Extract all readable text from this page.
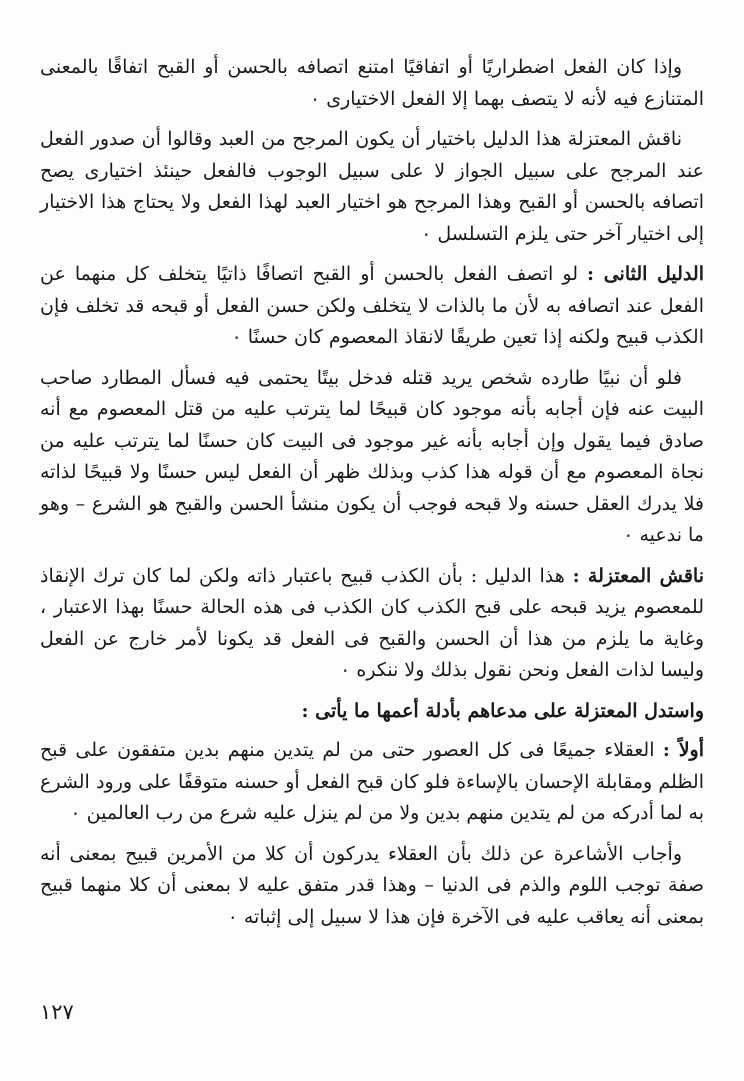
وإذا كان الفعل اضطراريًا أو اتفاقيًا امتنع اتصافه بالحسن أو القبح اتفاقًا بالمعنى المتنازع فيه لأنه لا يتصف بهما إلا الفعل الاختيارى ٠

ناقش المعتزلة هذا الدليل باختيار أن يكون المرجح من العبد وقالوا أن صدور الفعل عند المرجح على سبيل الجواز لا على سبيل الوجوب فالفعل حينئذ اختيارى يصح اتصافه بالحسن أو القبح وهذا المرجح هو اختيار العبد لهذا الفعل ولا يحتاج هذا الاختيار إلى اختيار آخر حتى يلزم التسلسل ٠

الدليل الثانى : لو اتصف الفعل بالحسن أو القبح اتصافًا ذاتيًا يتخلف كل منهما عن الفعل عند اتصافه به لأن ما بالذات لا يتخلف ولكن حسن الفعل أو قبحه قد تخلف فإن الكذب قبيح ولكنه إذا تعين طريقًا لانقاذ المعصوم كان حسنًا ٠

فلو أن نبيًا طارده شخص يريد قتله فدخل بيتًا يحتمى فيه فسأل المطارد صاحب البيت عنه فإن أجابه بأنه موجود كان قبيحًا لما يترتب عليه من قتل المعصوم مع أنه صادق فيما يقول وإن أجابه بأنه غير موجود فى البيت كان حسنًا لما يترتب عليه من نجاة المعصوم مع أن قوله هذا كذب وبذلك ظهر أن الفعل ليس حسنًا ولا قبيحًا لذاته فلا يدرك العقل حسنه ولا قبحه فوجب أن يكون منشأ الحسن والقبح هو الشرع – وهو ما ندعيه ٠

ناقش المعتزلة : هذا الدليل : بأن الكذب قبيح باعتبار ذاته ولكن لما كان ترك الإنقاذ للمعصوم يزيد قبحه على قبح الكذب كان الكذب فى هذه الحالة حسنًا بهذا الاعتبار ، وغاية ما يلزم من هذا أن الحسن والقبح فى الفعل قد يكونا لأمر خارج عن الفعل وليسا لذات الفعل ونحن نقول بذلك ولا ننكره ٠

واستدل المعتزلة على مدعاهم بأدلة أعمها ما يأتى :

أولاً : العقلاء جميعًا فى كل العصور حتى من لم يتدين منهم بدين متفقون على قبح الظلم ومقابلة الإحسان بالإساءة فلو كان قبح الفعل أو حسنه متوقفًا على ورود الشرع به لما أدركه من لم يتدين منهم بدين ولا من لم ينزل عليه شرع من رب العالمين ٠

وأجاب الأشاعرة عن ذلك بأن العقلاء يدركون أن كلا من الأمرين قبيح بمعنى أنه صفة توجب اللوم والذم فى الدنيا – وهذا قدر متفق عليه لا بمعنى أن كلا منهما قبيح بمعنى أنه يعاقب عليه فى الآخرة فإن هذا لا سبيل إلى إثباته ٠

١٢٧
